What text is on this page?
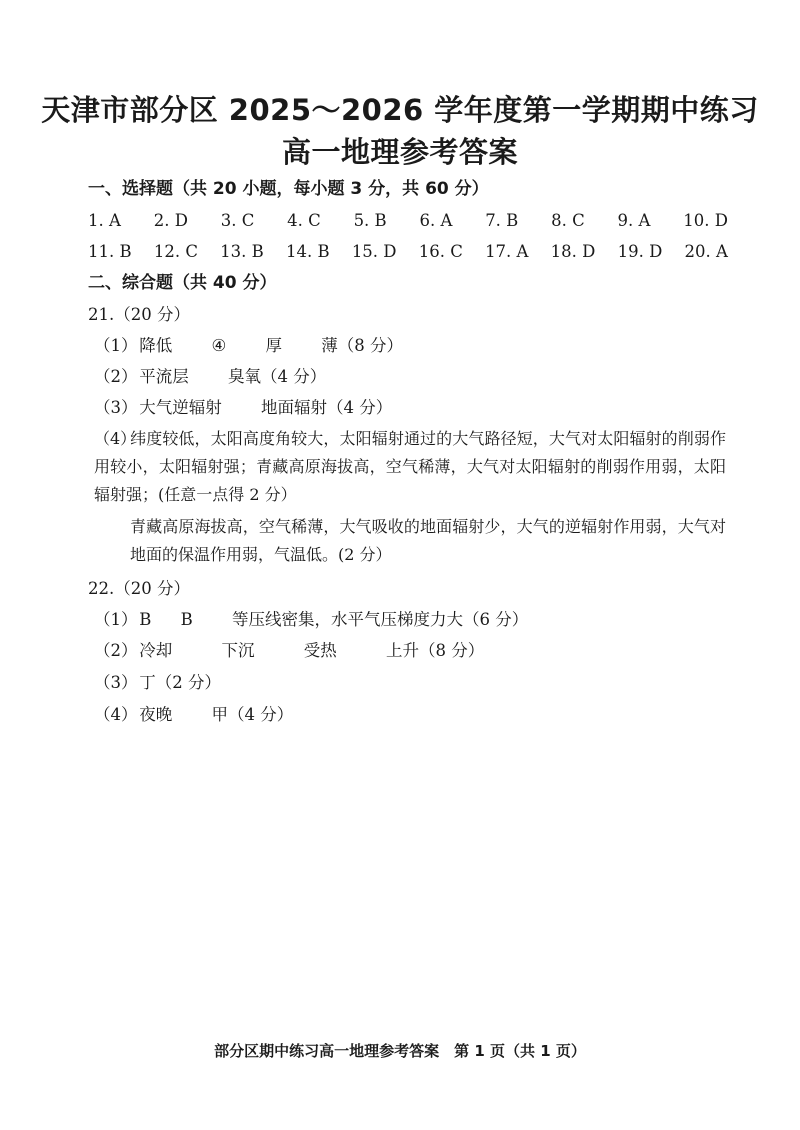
天津市部分区 2025～2026 学年度第一学期期中练习
高一地理参考答案
一、选择题（共 20 小题，每小题 3 分，共 60 分）
1. A 2. D 3. C 4. C 5. B 6. A 7. B 8. C 9. A 10. D
11. B 12. C 13. B 14. B 15. D 16. C 17. A 18. D 19. D 20. A
二、综合题（共 40 分）
21.（20 分）
（1） 降低 ④ 厚 薄（8 分）
（2） 平流层 臭氧（4 分）
（3） 大气逆辐射 地面辐射（4 分）
（4）纬度较低，太阳高度角较大，太阳辐射通过的大气路径短，大气对太阳辐射的削弱作用较小，太阳辐射强；青藏高原海拔高，空气稀薄，大气对太阳辐射的削弱作用弱，太阳辐射强；(任意一点得 2 分）
青藏高原海拔高，空气稀薄，大气吸收的地面辐射少，大气的逆辐射作用弱，大气对地面的保温作用弱，气温低。(2 分）
22.（20 分）
（1） B B 等压线密集，水平气压梯度力大（6 分）
（2） 冷却	下沉	受热	上升（8 分）
（3） 丁（2 分）
（4） 夜晚 甲（4 分）
部分区期中练习高一地理参考答案　第 1 页（共 1 页）
